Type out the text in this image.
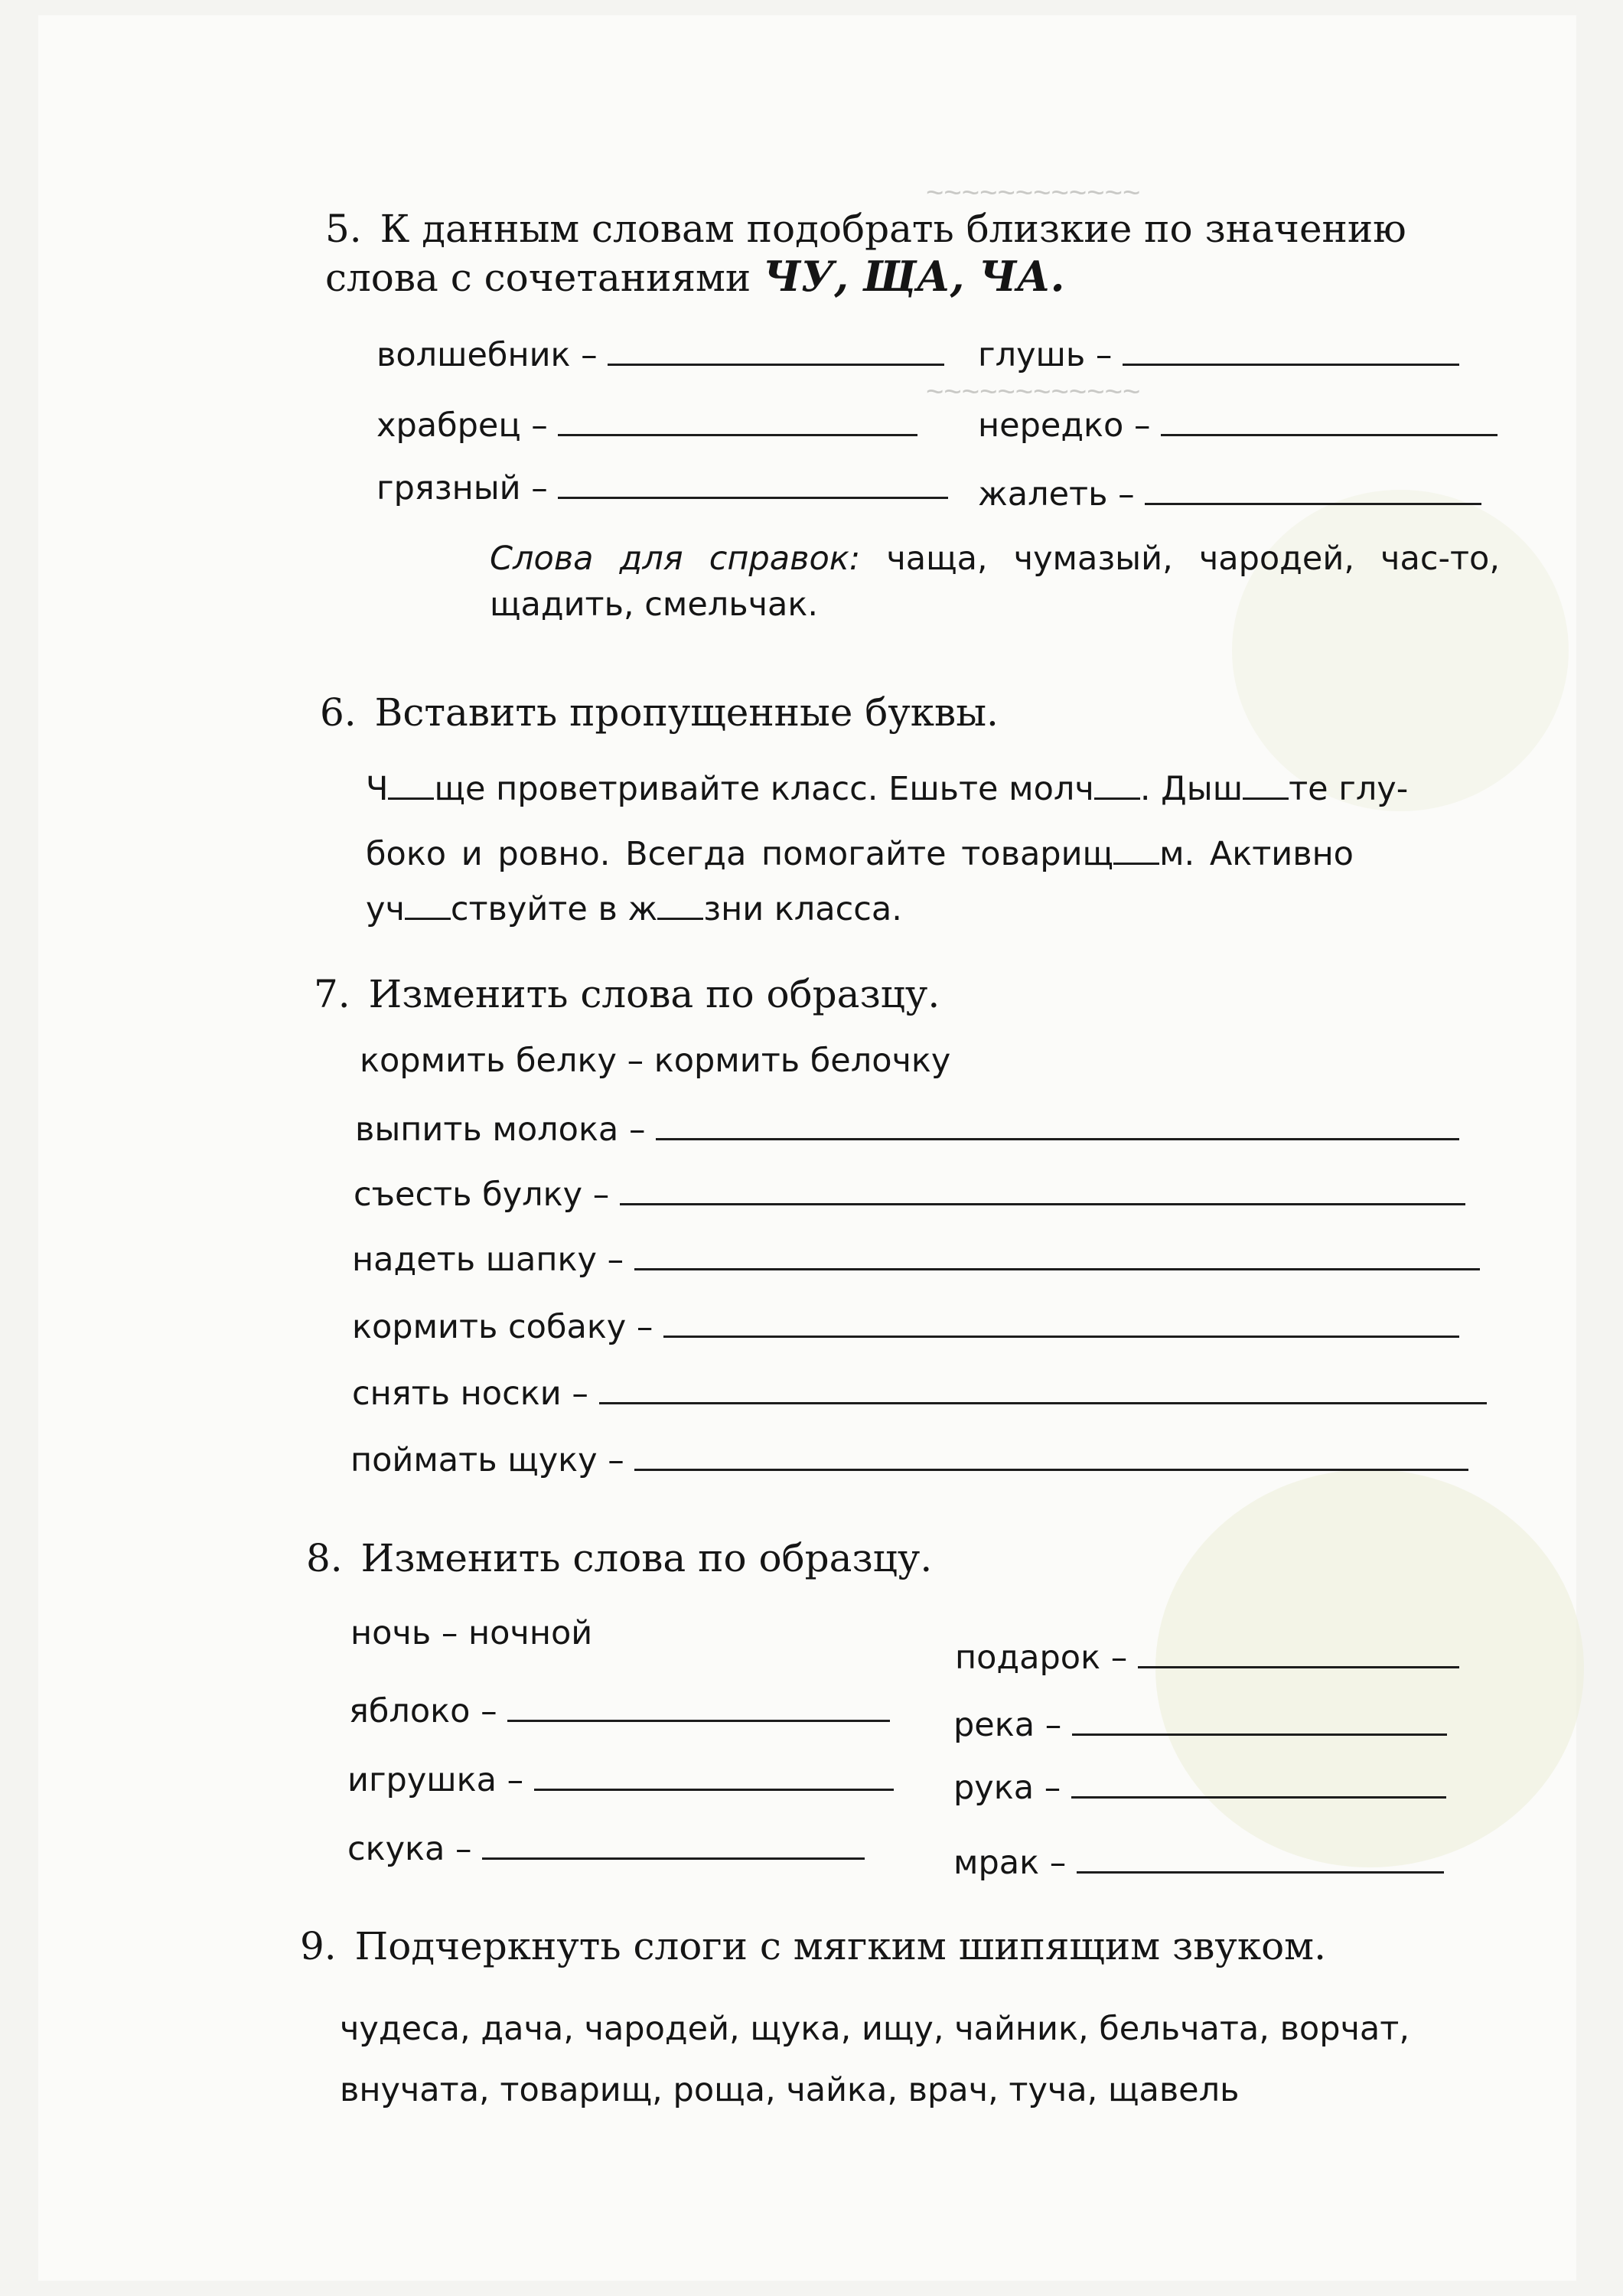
~~~~~~~~~~~~
~~~~~~~~~~~~
5. К данным словам подобрать близкие по значению слова с сочетаниями ЧУ, ЩА, ЧА.
волшебник –	глушь –
храбрец –	нередко –
грязный –	жалеть –
Слова для справок: чаща, чумазый, чародей, час-то, щадить, смельчак.
6. Вставить пропущенные буквы.
Ч ще проветривайте класс. Ешьте молч . Дыш те глу-
боко и ровно. Всегда помогайте товарищ м. Активно
уч ствуйте в ж зни класса.
7. Изменить слова по образцу.
кормить белку – кормить белочку
выпить молока –
съесть булку –
надеть шапку –
кормить собаку –
снять носки –
поймать щуку –
8. Изменить слова по образцу.
ночь – ночной
подарок –
яблоко –	река –
игрушка –	рука –
скука –	мрак –
9. Подчеркнуть слоги с мягким шипящим звуком.
чудеса, дача, чародей, щука, ищу, чайник, бельчата, ворчат,
внучата, товарищ, роща, чайка, врач, туча, щавель
